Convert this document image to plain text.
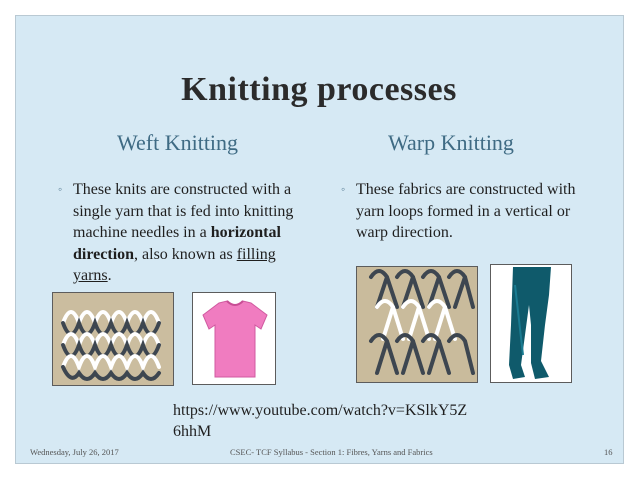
Knitting processes
Weft Knitting	Warp Knitting
◦ These knits are constructed with a single yarn that is fed into knitting machine needles in a horizontal direction, also known as filling yarns.
◦ These fabrics are constructed with yarn loops formed in a vertical or warp direction.
https://www.youtube.com/watch?v=KSlkY5Z6hhM
Wednesday, July 26, 2017	CSEC- TCF Syllabus - Section 1: Fibres, Yarns and Fabrics	16
